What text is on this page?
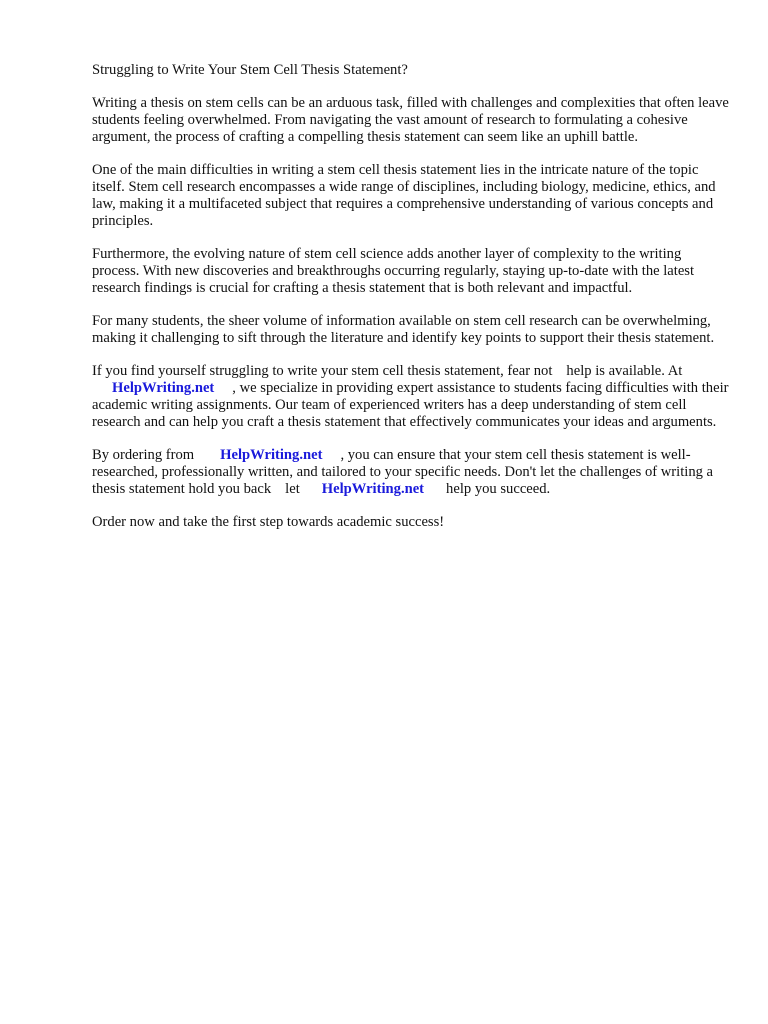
Struggling to Write Your Stem Cell Thesis Statement?

Writing a thesis on stem cells can be an arduous task, filled with challenges and complexities that often leave students feeling overwhelmed. From navigating the vast amount of research to formulating a cohesive argument, the process of crafting a compelling thesis statement can seem like an uphill battle.

One of the main difficulties in writing a stem cell thesis statement lies in the intricate nature of the topic itself. Stem cell research encompasses a wide range of disciplines, including biology, medicine, ethics, and law, making it a multifaceted subject that requires a comprehensive understanding of various concepts and principles.

Furthermore, the evolving nature of stem cell science adds another layer of complexity to the writing process. With new discoveries and breakthroughs occurring regularly, staying up-to-date with the latest research findings is crucial for crafting a thesis statement that is both relevant and impactful.

For many students, the sheer volume of information available on stem cell research can be overwhelming, making it challenging to sift through the literature and identify key points to support their thesis statement.

If you find yourself struggling to write your stem cell thesis statement, fear not help is available. At
HelpWriting.net , we specialize in providing expert assistance to students facing difficulties with their academic writing assignments. Our team of experienced writers has a deep understanding of stem cell research and can help you craft a thesis statement that effectively communicates your ideas and arguments.

By ordering from HelpWriting.net , you can ensure that your stem cell thesis statement is well-researched, professionally written, and tailored to your specific needs. Don't let the challenges of writing a thesis statement hold you back let HelpWriting.net help you succeed.

Order now and take the first step towards academic success!
